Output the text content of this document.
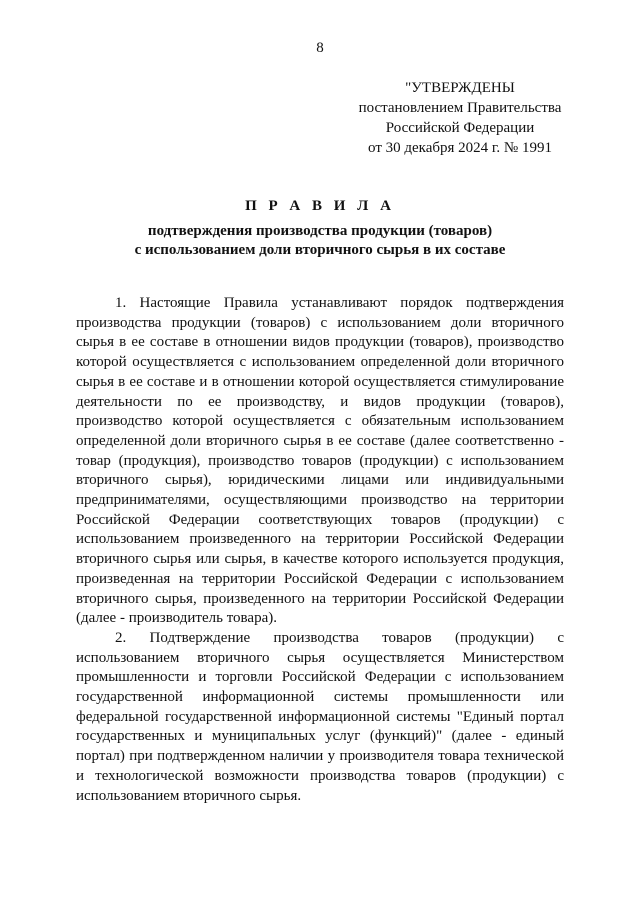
8
"УТВЕРЖДЕНЫ
постановлением Правительства
Российской Федерации
от 30 декабря 2024 г. № 1991
П Р А В И Л А
подтверждения производства продукции (товаров)
с использованием доли вторичного сырья в их составе

1. Настоящие Правила устанавливают порядок подтверждения производства продукции (товаров) с использованием доли вторичного сырья в ее составе в отношении видов продукции (товаров), производство которой осуществляется с использованием определенной доли вторичного сырья в ее составе и в отношении которой осуществляется стимулирование деятельности по ее производству, и видов продукции (товаров), производство которой осуществляется с обязательным использованием определенной доли вторичного сырья в ее составе (далее соответственно - товар (продукция), производство товаров (продукции) с использованием вторичного сырья), юридическими лицами или индивидуальными предпринимателями, осуществляющими производство на территории Российской Федерации соответствующих товаров (продукции) с использованием произведенного на территории Российской Федерации вторичного сырья или сырья, в качестве которого используется продукция, произведенная на территории Российской Федерации с использованием вторичного сырья, произведенного на территории Российской Федерации (далее - производитель товара).

2. Подтверждение производства товаров (продукции) с использованием вторичного сырья осуществляется Министерством промышленности и торговли Российской Федерации с использованием государственной информационной системы промышленности или федеральной государственной информационной системы "Единый портал государственных и муниципальных услуг (функций)" (далее - единый портал) при подтвержденном наличии у производителя товара технической и технологической возможности производства товаров (продукции) с использованием вторичного сырья.
